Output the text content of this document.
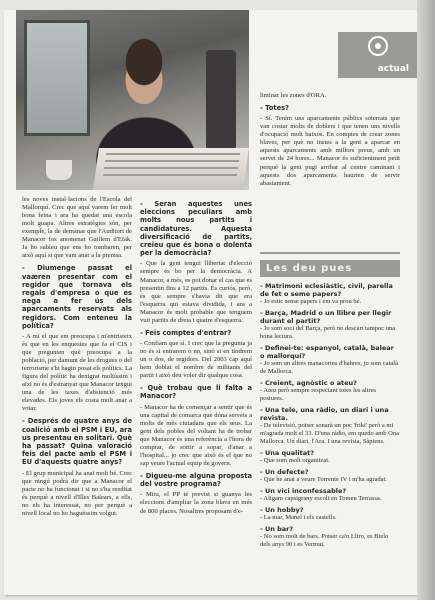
actual

les noves instal·lacions de l'Escola del Mallorquí. Crec que aquí varem fer molt bona feina i ara ha quedat una escola molt guapa. Altres estratègies són, per exemple, la de demanar que l'Auditori de Manacor fos anomenat Guillem d'Efak. Ja ho sabíeu que ens ho tombaren, per això aquí si que vam anar a la premsa.

- Diumenge passat el vaæren presentar com el regidor que tornava els regals d'empresa o que es nega a fer ús dels aparcaments reservats als regidors. Com enteneu la política?

- A mi el que em preocupa i m'entristeix és que en les enquestes que fa el CIS i que pregunten què preocupa a la població, per damunt de les drogues o del terrorisme s'hi hagin posat els polítics. La figura del polític ha denigrat moltíssim i així no és d'estranyar que Manacor tengui una de les taxes d'abstenció més elevades. Els joves els costa molt anar a votar.

- Després de quatre anys de coalició amb el PSM i EU, ara us presentau en solitari. Què ha passat? Quina valoració feis del pacte amb el PSM i EU d'aquests quatre anys?

- El grup municipal ha anat molt bé. Crec que ningú podrà dir que a Manacor el pacte no ha funcionat i si no s'ha reeditat és perquè a nivell d'Illes Balears, a ells, no els ha interessat, no per perquè a nivell local no ho haguéssim volgut.

- Seran aquestes unes eleccions peculiars amb molts nous partits i candidatures. Aquesta diversificació de partits, creieu que és bona o dolenta per la democràcia?

- Que la gent tengui llibertat d'elecció sempre és bo per la democràcia. A Manacor, a més, es pot donar el cas que es presentin fins a 12 partits. És curiós, però, és que sempre s'havia dit que era l'esquerra qui estava dividida, i ara a Manacor és molt probable que tenguem vuit partits de dreta i quatre d'esquerra.

- Feis comptes d'entrar?

- Confiam que sí. I crec que la pregunta ja no és si entrarem o no, sinó si en tindrem un o dos, de regidors. Del 2003 cap aquí hem doblat el nombre de militants del partit i això deu voler dir qualque cosa.

- Què trobau que li falta a Manacor?

- Manacor ha de començar a sentir que és una capital de comarca que dóna serveis a molts de més ciutadans que els seus. La gent dels pobles del voltant ha de trobar que Manacor és una referència a l'hora de comprar, de sortir a sopar, d'anar a l'hospital... jo crec que això és el que no sap veure l'actual equip de govern.

- Digueu-me alguna proposta del vostre programa?

- Mira, el PP té previst si guanya les eleccions d'ampliar la zona blava en més de 800 places. Nosaltres proposam d'e-

liminar les zones d'ORA.

- Totes?

- Sí. Tenim uns aparcaments públics soterrats que van costar molts de doblers i que tenen uns nivells d'ocupació molt baixos. En comptes de crear zones blaves, per què no instes a la gent a aparcar en aquests aparcaments amb millors preus, amb un servei de 24 hores... Manacor és suficientment petit perquè la gent pugi arribar al centre caminant i aquests dos aparcaments haurien de servir abastament.

Les deu pues

- Matrimoni eclesiàstic, civil, parella de fet o seme papers?

- Jo estic sense papers i em va prou bé.

- Barça, Madrid o un llibre per llegir durant el partit?

- Jo som soci del Barça, però no descart tampoc una bona lectura.

- Definei-te: espanyol, català, balear o mallorquí?

- Jo som un altres manacorins d'hahres, jo som català de Mallorca.

- Creient, agnòstic o ateu?

- Ateu però sempre respectant totes les altres postures.

- Una tele, una ràdio, un diari i una revista.

- De televisió, potser sonarà un poc 'friki' però a mi m'agrada molt el 33. D'una ràdio, em quedo amb Ona Mallorca. Un diari, l'Ara. I una revista, Sàpiens.

- Una qualitat?

- Que som molt organitzat.

- Un defecte?

- Que he anat a veure Torrente IV i m'ha agradat.

- Un vici inconfessable?

- Aligam capsigrany escolt en Tomeu Terrassa.

- Un hobby?

- La mar, Manel i els castells.

- Un bar?

- No som molt de bars. Potser ca'n Lliro, es Bielo dels anys 90 i es Vermut.
